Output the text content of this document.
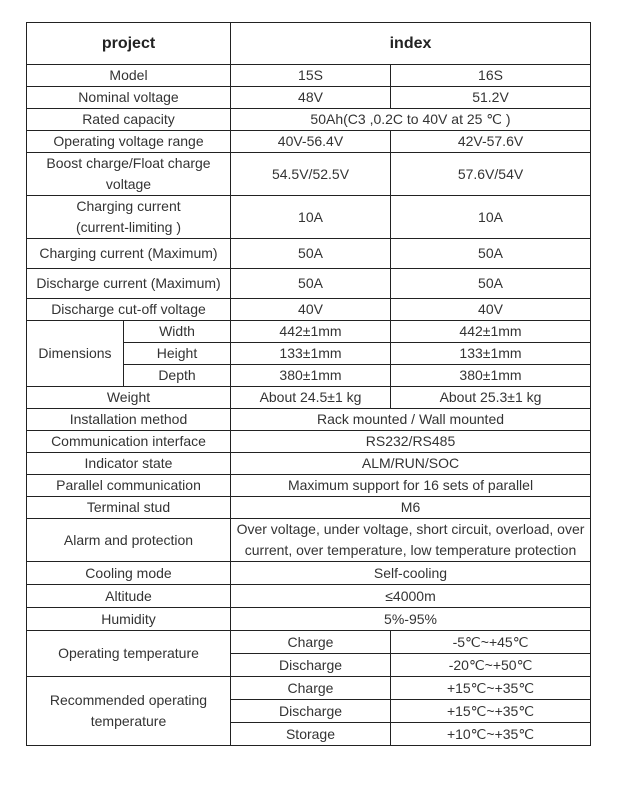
project		index	
Model		15S	16S
Nominal voltage		48V	51.2V
Rated capacity		50Ah(C3 ,0.2C to 40V at 25 ℃ )	
Operating voltage range		40V-56.4V	42V-57.6V

Boost charge/Float charge
voltage		54.5V/52.5V	57.6V/54V

Charging current
(current-limiting )		10A	10A
Charging current (Maximum)		50A	50A
Discharge current (Maximum)		50A	50A
Discharge cut-off voltage		40V	40V
Dimensions	Width	442±1mm	442±1mm
	Height	133±1mm	133±1mm
	Depth	380±1mm	380±1mm
Weight		About 24.5±1 kg	About 25.3±1 kg
Installation method		Rack mounted / Wall mounted	
Communication interface		RS232/RS485	
Indicator state		ALM/RUN/SOC	
Parallel communication		Maximum support for 16 sets of parallel	
Terminal stud		M6	
Alarm and protection		Over voltage, under voltage, short circuit, overload, over
current, over temperature, low temperature protection	

Cooling mode		Self-cooling	
Altitude		≤4000m	
Humidity		5%-95%	
Operating temperature		Charge	-5℃~+45℃
		Discharge	-20℃~+50℃

Recommended operating
temperature		Charge	+15℃~+35℃
		Discharge	+15℃~+35℃
		Storage	+10℃~+35℃
